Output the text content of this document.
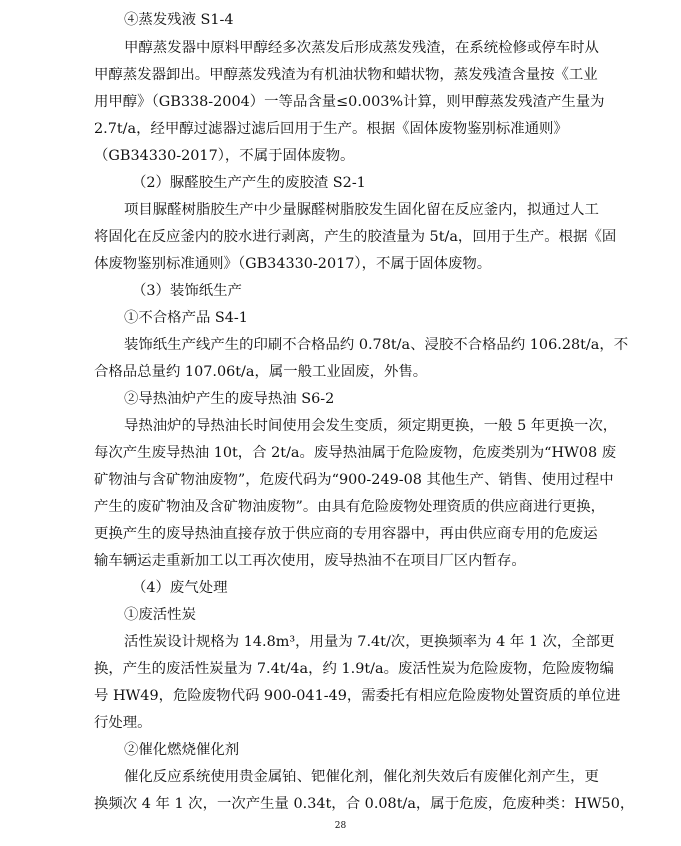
④蒸发残液 S1-4
甲醇蒸发器中原料甲醇经多次蒸发后形成蒸发残渣，在系统检修或停车时从
甲醇蒸发器卸出。甲醇蒸发残渣为有机油状物和蜡状物，蒸发残渣含量按《工业
用甲醇》（GB338-2004）一等品含量≤0.003%计算，则甲醇蒸发残渣产生量为
2.7t/a，经甲醇过滤器过滤后回用于生产。根据《固体废物鉴别标准通则》
（GB34330-2017），不属于固体废物。
（2）脲醛胶生产产生的废胶渣 S2-1
项目脲醛树脂胶生产中少量脲醛树脂胶发生固化留在反应釜内，拟通过人工
将固化在反应釜内的胶水进行剥离，产生的胶渣量为 5t/a，回用于生产。根据《固
体废物鉴别标准通则》（GB34330-2017），不属于固体废物。
（3）装饰纸生产
①不合格产品 S4-1
装饰纸生产线产生的印刷不合格品约 0.78t/a、浸胶不合格品约 106.28t/a，不
合格品总量约 107.06t/a，属一般工业固废，外售。
②导热油炉产生的废导热油 S6-2
导热油炉的导热油长时间使用会发生变质，须定期更换，一般 5 年更换一次，
每次产生废导热油 10t，合 2t/a。废导热油属于危险废物，危废类别为“HW08 废
矿物油与含矿物油废物”，危废代码为“900-249-08 其他生产、销售、使用过程中
产生的废矿物油及含矿物油废物”。由具有危险废物处理资质的供应商进行更换，
更换产生的废导热油直接存放于供应商的专用容器中，再由供应商专用的危废运
输车辆运走重新加工以工再次使用，废导热油不在项目厂区内暂存。
（4）废气处理
①废活性炭
活性炭设计规格为 14.8m³，用量为 7.4t/次，更换频率为 4 年 1 次，全部更
换，产生的废活性炭量为 7.4t/4a，约 1.9t/a。废活性炭为危险废物，危险废物编
号 HW49，危险废物代码 900-041-49，需委托有相应危险废物处置资质的单位进
行处理。
②催化燃烧催化剂
催化反应系统使用贵金属铂、钯催化剂，催化剂失效后有废催化剂产生，更
换频次 4 年 1 次，一次产生量 0.34t，合 0.08t/a，属于危废，危废种类：HW50，
28
